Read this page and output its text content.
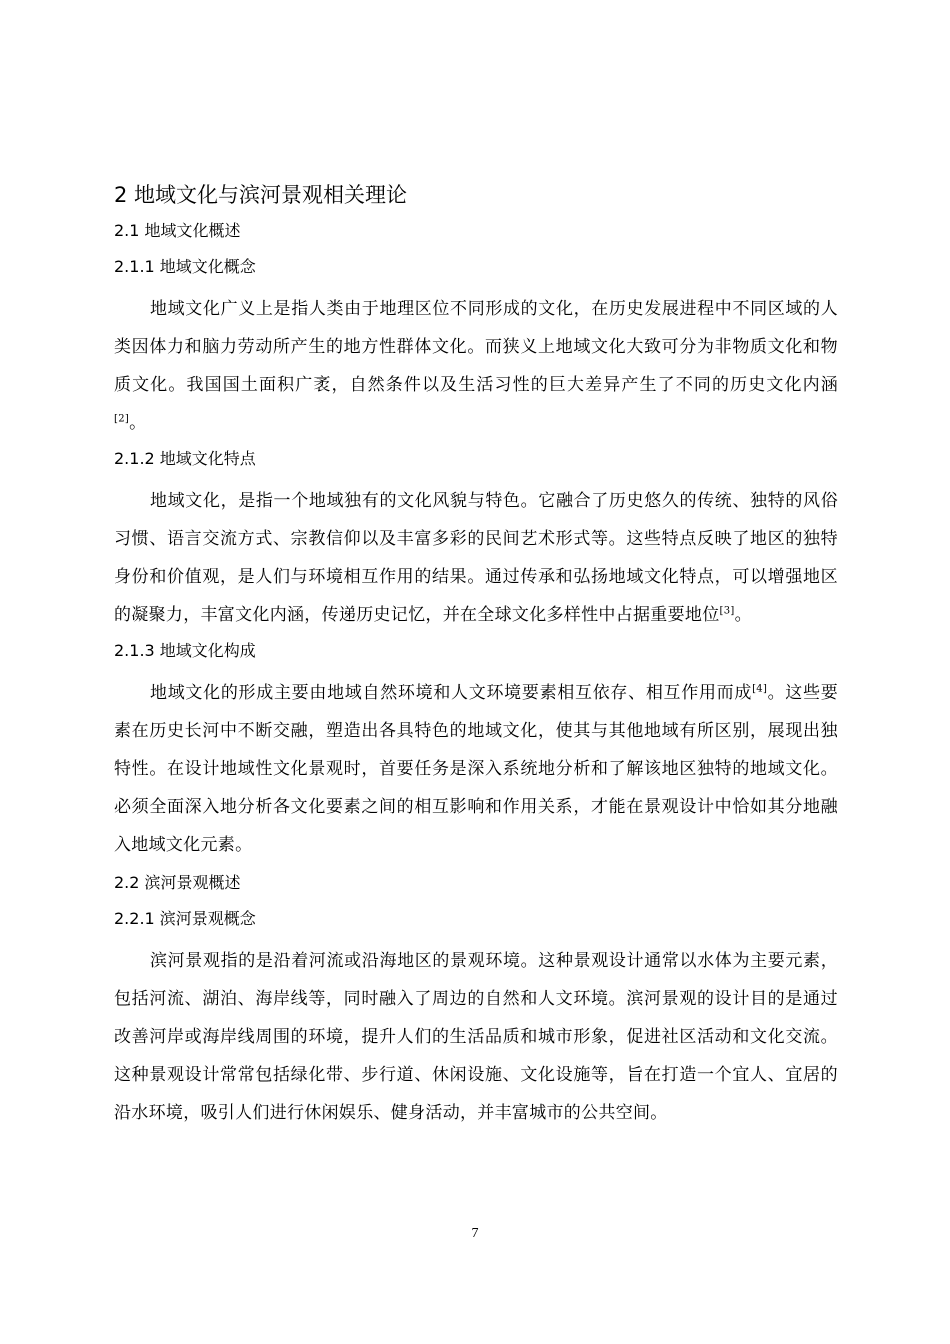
2 地域文化与滨河景观相关理论
2.1 地域文化概述
2.1.1 地域文化概念

地域文化广义上是指人类由于地理区位不同形成的文化，在历史发展进程中不同区域的人类因体力和脑力劳动所产生的地方性群体文化。而狭义上地域文化大致可分为非物质文化和物质文化。我国国土面积广袤，自然条件以及生活习性的巨大差异产生了不同的历史文化内涵[2]。

2.1.2 地域文化特点

地域文化，是指一个地域独有的文化风貌与特色。它融合了历史悠久的传统、独特的风俗习惯、语言交流方式、宗教信仰以及丰富多彩的民间艺术形式等。这些特点反映了地区的独特身份和价值观，是人们与环境相互作用的结果。通过传承和弘扬地域文化特点，可以增强地区的凝聚力，丰富文化内涵，传递历史记忆，并在全球文化多样性中占据重要地位[3]。

2.1.3 地域文化构成

地域文化的形成主要由地域自然环境和人文环境要素相互依存、相互作用而成[4]。这些要素在历史长河中不断交融，塑造出各具特色的地域文化，使其与其他地域有所区别，展现出独特性。在设计地域性文化景观时，首要任务是深入系统地分析和了解该地区独特的地域文化。必须全面深入地分析各文化要素之间的相互影响和作用关系，才能在景观设计中恰如其分地融入地域文化元素。

2.2 滨河景观概述
2.2.1 滨河景观概念

滨河景观指的是沿着河流或沿海地区的景观环境。这种景观设计通常以水体为主要元素，包括河流、湖泊、海岸线等，同时融入了周边的自然和人文环境。滨河景观的设计目的是通过改善河岸或海岸线周围的环境，提升人们的生活品质和城市形象，促进社区活动和文化交流。这种景观设计常常包括绿化带、步行道、休闲设施、文化设施等，旨在打造一个宜人、宜居的沿水环境，吸引人们进行休闲娱乐、健身活动，并丰富城市的公共空间。

7
